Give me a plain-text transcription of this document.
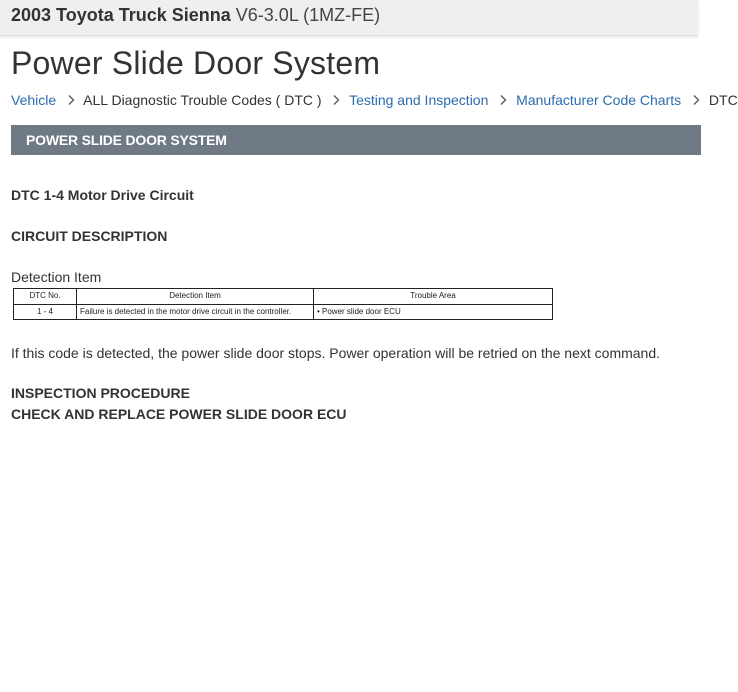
2003 Toyota Truck Sienna V6-3.0L (1MZ-FE)
Power Slide Door System
Vehicle ALL Diagnostic Trouble Codes ( DTC ) Testing and Inspection Manufacturer Code Charts DTC
POWER SLIDE DOOR SYSTEM
DTC 1-4 Motor Drive Circuit
CIRCUIT DESCRIPTION
Detection Item
DTC No.	Detection Item	Trouble Area
1 - 4	Failure is detected in the motor drive circuit in the controller.	• Power slide door ECU
If this code is detected, the power slide door stops. Power operation will be retried on the next command.
INSPECTION PROCEDURE
CHECK AND REPLACE POWER SLIDE DOOR ECU
